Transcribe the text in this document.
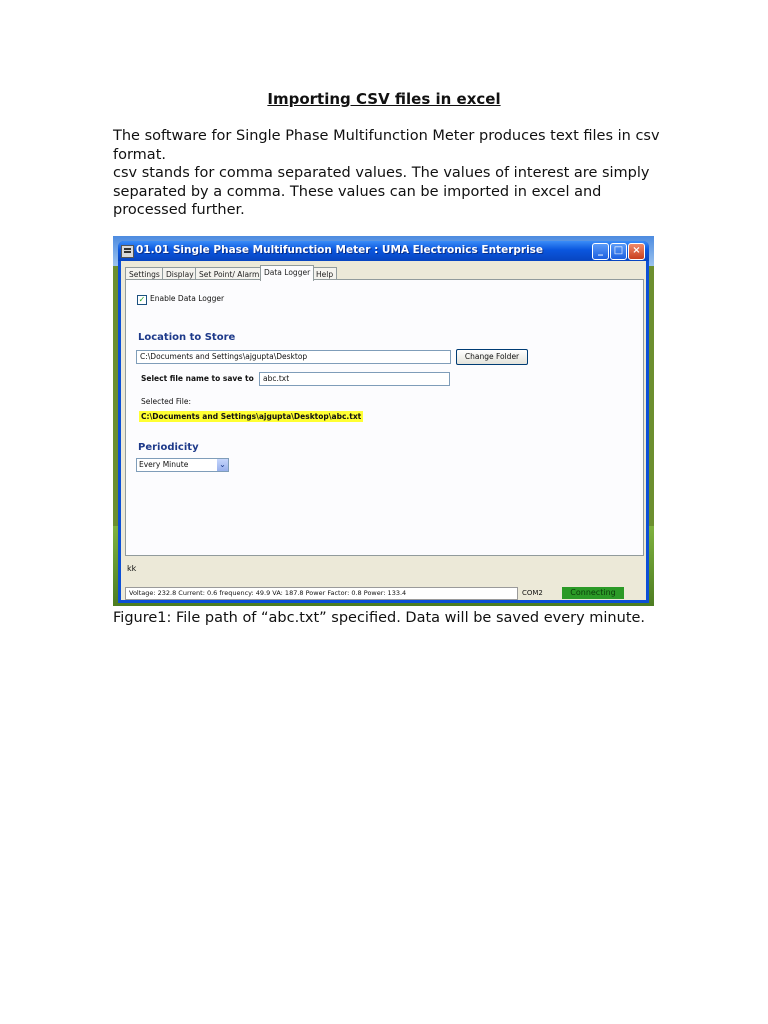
Importing CSV files in excel

The software for Single Phase Multifunction Meter produces text files in csv format.

csv stands for comma separated values. The values of interest are simply separated by a comma. These values can be imported in excel and processed further.

01.01 Single Phase Multifunction Meter : UMA Electronics Enterprise	_	□ ×
Settings Display Set Point/ Alarm Data Logger Help
✓ Enable Data Logger
Location to Store
C:\Documents and Settings\ajgupta\Desktop	Change Folder
Select file name to save to	abc.txt
Selected File:
C:\Documents and Settings\ajgupta\Desktop\abc.txt
Periodicity
Every Minute	⌄
kk
Voltage: 232.8 Current: 0.6 frequency: 49.9 VA: 187.8 Power Factor: 0.8 Power: 133.4	COM2	Connecting
Figure1: File path of “abc.txt” specified. Data will be saved every minute.
